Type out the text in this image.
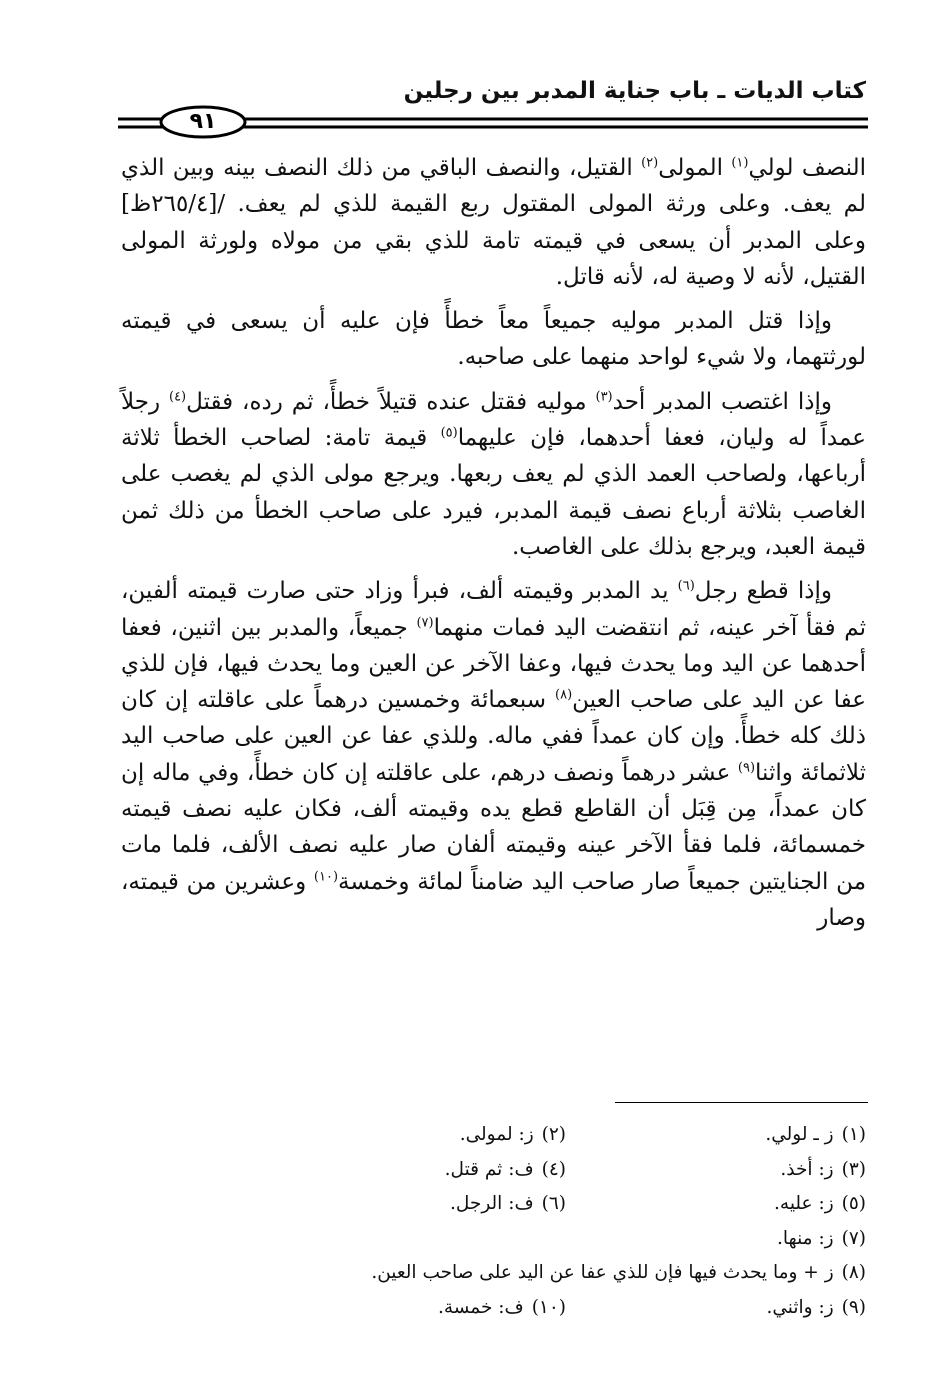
كتاب الديات ـ باب جناية المدبر بين رجلين
٩١

النصف لولي$^{(١)}$ المولى$^{(٢)}$ القتيل، والنصف الباقي من ذلك النصف بينه وبين الذي لم يعف. وعلى ورثة المولى المقتول ربع القيمة للذي لم يعف. /[٢٦٥/٤ظ] وعلى المدبر أن يسعى في قيمته تامة للذي بقي من مولاه ولورثة المولى القتيل، لأنه لا وصية له، لأنه قاتل.

وإذا قتل المدبر موليه جميعاً معاً خطأً فإن عليه أن يسعى في قيمته لورثتهما، ولا شيء لواحد منهما على صاحبه.

وإذا اغتصب المدبر أحد$^{(٣)}$ موليه فقتل عنده قتيلاً خطأً، ثم رده، فقتل$^{(٤)}$ رجلاً عمداً له وليان، فعفا أحدهما، فإن عليهما$^{(٥)}$ قيمة تامة: لصاحب الخطأ ثلاثة أرباعها، ولصاحب العمد الذي لم يعف ربعها. ويرجع مولى الذي لم يغصب على الغاصب بثلاثة أرباع نصف قيمة المدبر، فيرد على صاحب الخطأ من ذلك ثمن قيمة العبد، ويرجع بذلك على الغاصب.

وإذا قطع رجل$^{(٦)}$ يد المدبر وقيمته ألف، فبرأ وزاد حتى صارت قيمته ألفين، ثم فقأ آخر عينه، ثم انتقضت اليد فمات منهما$^{(٧)}$ جميعاً، والمدبر بين اثنين، فعفا أحدهما عن اليد وما يحدث فيها، وعفا الآخر عن العين وما يحدث فيها، فإن للذي عفا عن اليد على صاحب العين$^{(٨)}$ سبعمائة وخمسين درهماً على عاقلته إن كان ذلك كله خطأً. وإن كان عمداً ففي ماله. وللذي عفا عن العين على صاحب اليد ثلاثمائة واثنا$^{(٩)}$ عشر درهماً ونصف درهم، على عاقلته إن كان خطأً، وفي ماله إن كان عمداً، مِن قِبَل أن القاطع قطع يده وقيمته ألف، فكان عليه نصف قيمته خمسمائة، فلما فقأ الآخر عينه وقيمته ألفان صار عليه نصف الألف، فلما مات من الجنايتين جميعاً صار صاحب اليد ضامناً لمائة وخمسة$^{(١٠)}$ وعشرين من قيمته، وصار

(١)ز ـ لولي.
(٢)ز: لمولى.
(٣)ز: أخذ.
(٤)ف: ثم قتل.
(٥)ز: عليه.
(٦)ف: الرجل.
(٧)ز: منها.
(٨)ز + وما يحدث فيها فإن للذي عفا عن اليد على صاحب العين.
(٩)ز: واثني.
(١٠)ف: خمسة.
